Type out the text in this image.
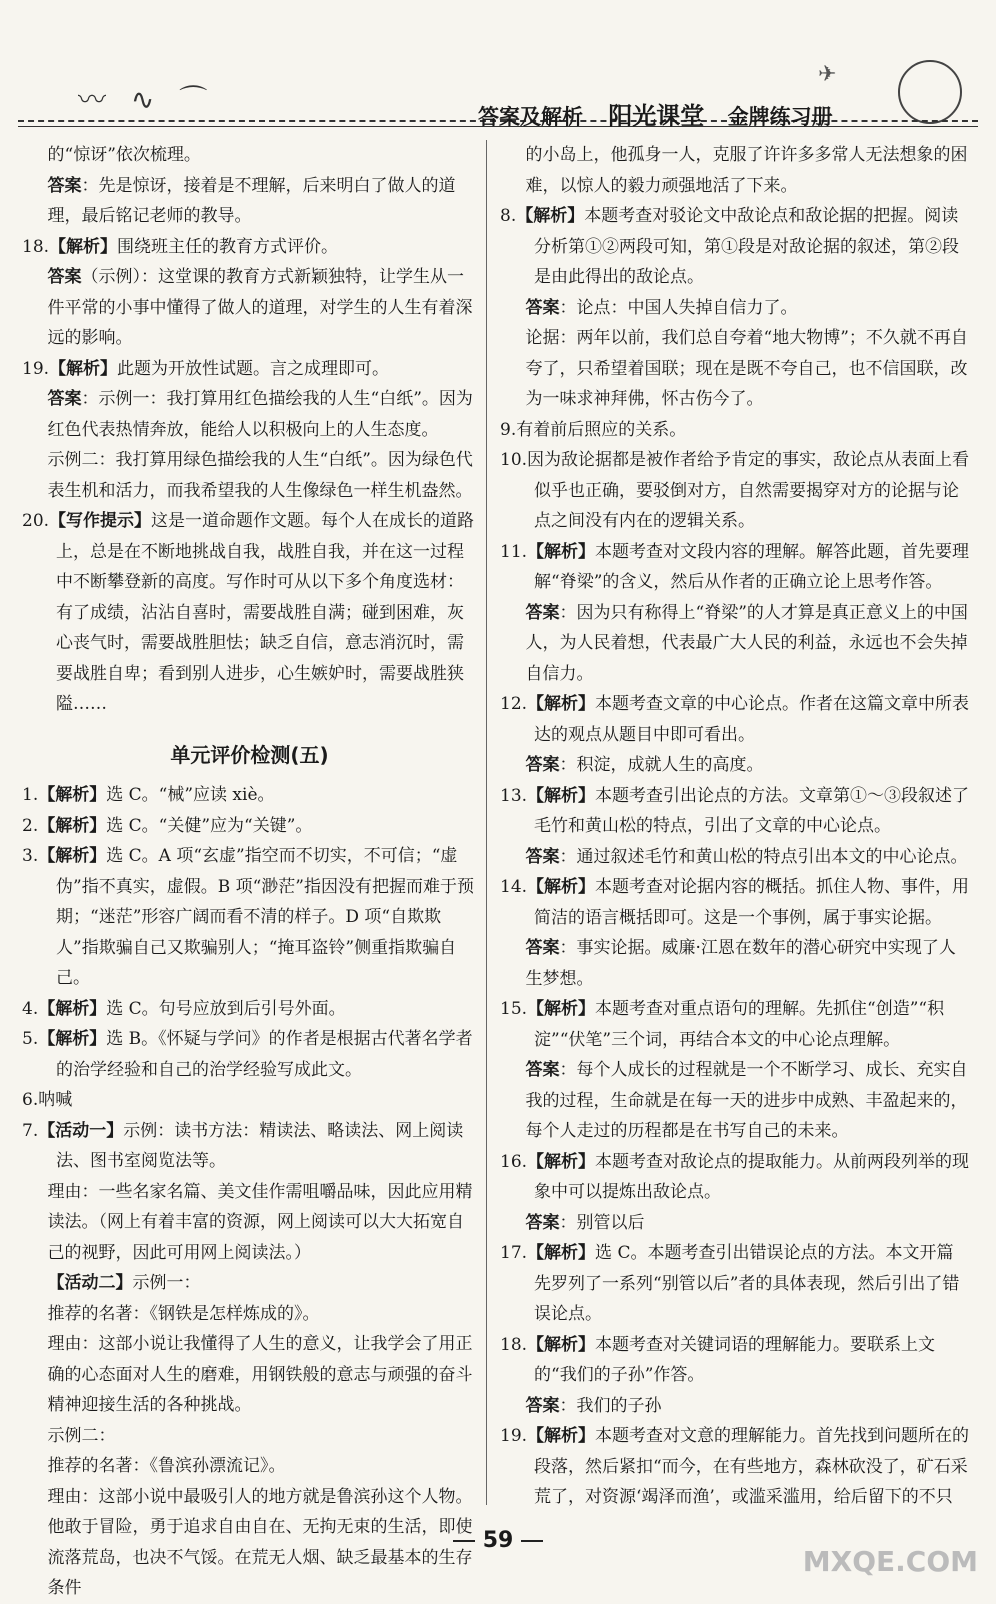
〰 ∿ ⌒
✈
答案及解析 阳光课堂 金牌练习册
的“惊讶”依次梳理。
答案：先是惊讶，接着是不理解，后来明白了做人的道理，最后铭记老师的教导。
18.【解析】围绕班主任的教育方式评价。
答案（示例）：这堂课的教育方式新颖独特，让学生从一件平常的小事中懂得了做人的道理，对学生的人生有着深远的影响。
19.【解析】此题为开放性试题。言之成理即可。
答案：示例一：我打算用红色描绘我的人生“白纸”。因为红色代表热情奔放，能给人以积极向上的人生态度。
示例二：我打算用绿色描绘我的人生“白纸”。因为绿色代表生机和活力，而我希望我的人生像绿色一样生机盎然。
20.【写作提示】这是一道命题作文题。每个人在成长的道路上，总是在不断地挑战自我，战胜自我，并在这一过程中不断攀登新的高度。写作时可从以下多个角度选材：有了成绩，沾沾自喜时，需要战胜自满；碰到困难，灰心丧气时，需要战胜胆怯；缺乏自信，意志消沉时，需要战胜自卑；看到别人进步，心生嫉妒时，需要战胜狭隘……
单元评价检测(五)
1.【解析】选 C。“械”应读 xiè。
2.【解析】选 C。“关健”应为“关键”。
3.【解析】选 C。A 项“玄虚”指空而不切实，不可信；“虚伪”指不真实，虚假。B 项“渺茫”指因没有把握而难于预期；“迷茫”形容广阔而看不清的样子。D 项“自欺欺人”指欺骗自己又欺骗别人；“掩耳盗铃”侧重指欺骗自己。
4.【解析】选 C。句号应放到后引号外面。
5.【解析】选 B。《怀疑与学问》的作者是根据古代著名学者的治学经验和自己的治学经验写成此文。
6.呐喊
7.【活动一】示例：读书方法：精读法、略读法、网上阅读法、图书室阅览法等。
理由：一些名家名篇、美文佳作需咀嚼品味，因此应用精读法。（网上有着丰富的资源，网上阅读可以大大拓宽自己的视野，因此可用网上阅读法。）
【活动二】示例一：
推荐的名著：《钢铁是怎样炼成的》。
理由：这部小说让我懂得了人生的意义，让我学会了用正确的心态面对人生的磨难，用钢铁般的意志与顽强的奋斗精神迎接生活的各种挑战。
示例二：
推荐的名著：《鲁滨孙漂流记》。
理由：这部小说中最吸引人的地方就是鲁滨孙这个人物。他敢于冒险，勇于追求自由自在、无拘无束的生活，即使流落荒岛，也决不气馁。在荒无人烟、缺乏最基本的生存条件
的小岛上，他孤身一人，克服了许许多多常人无法想象的困难，以惊人的毅力顽强地活了下来。
8.【解析】本题考查对驳论文中敌论点和敌论据的把握。阅读分析第①②两段可知，第①段是对敌论据的叙述，第②段是由此得出的敌论点。
答案：论点：中国人失掉自信力了。
论据：两年以前，我们总自夸着“地大物博”；不久就不再自夸了，只希望着国联；现在是既不夸自己，也不信国联，改为一味求神拜佛，怀古伤今了。
9.有着前后照应的关系。
10.因为敌论据都是被作者给予肯定的事实，敌论点从表面上看似乎也正确，要驳倒对方，自然需要揭穿对方的论据与论点之间没有内在的逻辑关系。
11.【解析】本题考查对文段内容的理解。解答此题，首先要理解“脊梁”的含义，然后从作者的正确立论上思考作答。
答案：因为只有称得上“脊梁”的人才算是真正意义上的中国人，为人民着想，代表最广大人民的利益，永远也不会失掉自信力。
12.【解析】本题考查文章的中心论点。作者在这篇文章中所表达的观点从题目中即可看出。
答案：积淀，成就人生的高度。
13.【解析】本题考查引出论点的方法。文章第①～③段叙述了毛竹和黄山松的特点，引出了文章的中心论点。
答案：通过叙述毛竹和黄山松的特点引出本文的中心论点。
14.【解析】本题考查对论据内容的概括。抓住人物、事件，用简洁的语言概括即可。这是一个事例，属于事实论据。
答案：事实论据。威廉·江恩在数年的潜心研究中实现了人生梦想。
15.【解析】本题考查对重点语句的理解。先抓住“创造”“积淀”“伏笔”三个词，再结合本文的中心论点理解。
答案：每个人成长的过程就是一个不断学习、成长、充实自我的过程，生命就是在每一天的进步中成熟、丰盈起来的，每个人走过的历程都是在书写自己的未来。
16.【解析】本题考查对敌论点的提取能力。从前两段列举的现象中可以提炼出敌论点。
答案：别管以后
17.【解析】选 C。本题考查引出错误论点的方法。本文开篇先罗列了一系列“别管以后”者的具体表现，然后引出了错误论点。
18.【解析】本题考查对关键词语的理解能力。要联系上文的“我们的子孙”作答。
答案：我们的子孙
19.【解析】本题考查对文意的理解能力。首先找到问题所在的段落，然后紧扣“而今，在有些地方，森林砍没了，矿石采荒了，对资源‘竭泽而渔’，或滥采滥用，给后留下的不只
59
MXQE.COM
